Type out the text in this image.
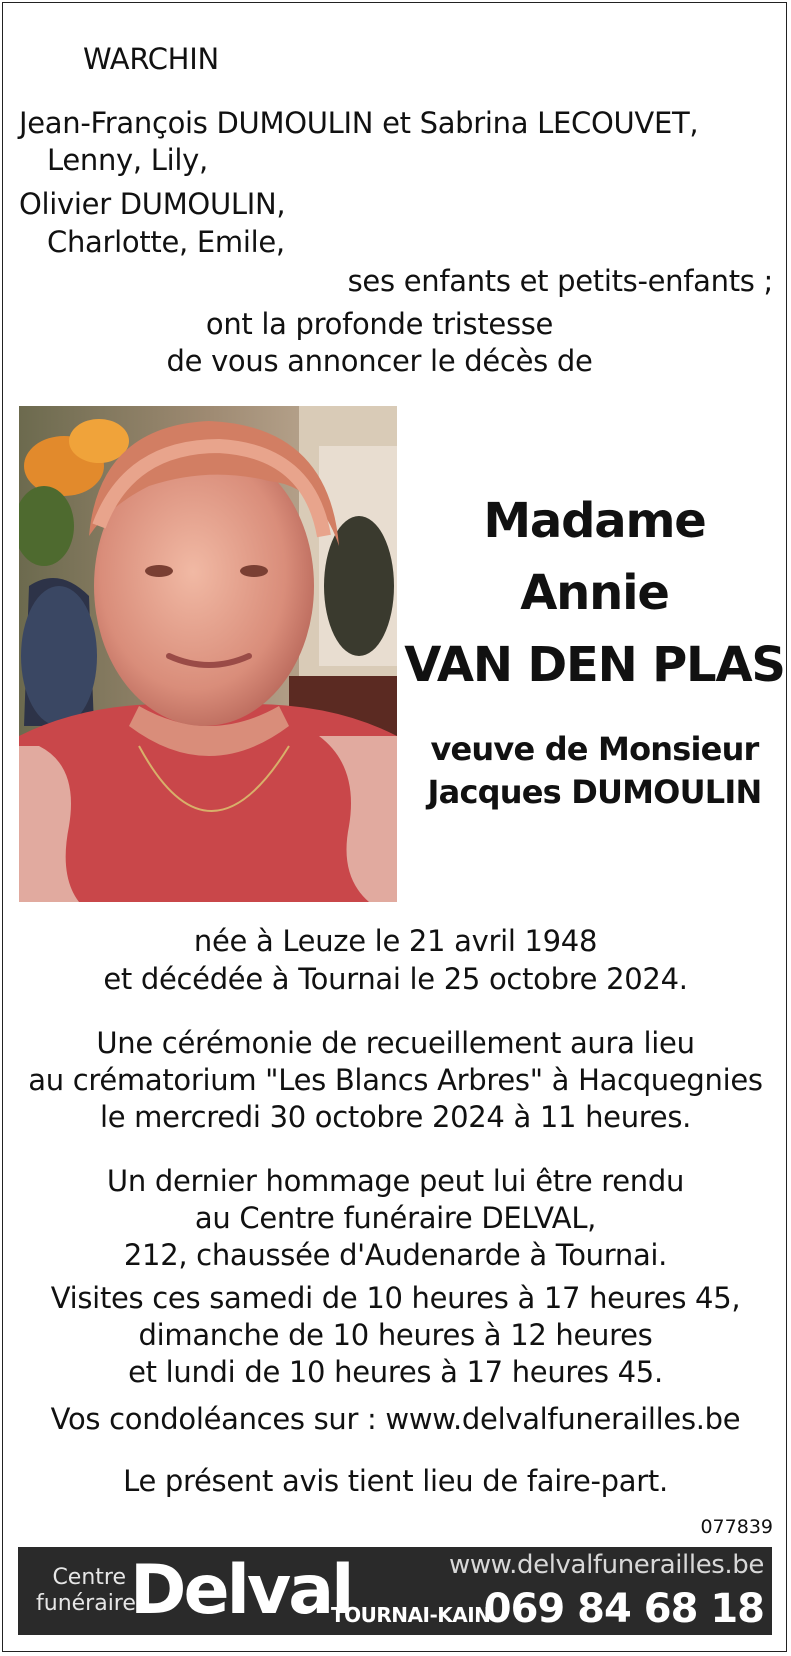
WARCHIN
Jean-François DUMOULIN et Sabrina LECOUVET,
Lenny, Lily,
Olivier DUMOULIN,
Charlotte, Emile,
ses enfants et petits-enfants ;
ont la profonde tristesse
de vous annoncer le décès de
Madame
Annie
VAN DEN PLAS
veuve de Monsieur
Jacques DUMOULIN
née à Leuze le 21 avril 1948
et décédée à Tournai le 25 octobre 2024.
Une cérémonie de recueillement aura lieu
au crématorium "Les Blancs Arbres" à Hacquegnies
le mercredi 30 octobre 2024 à 11 heures.
Un dernier hommage peut lui être rendu
au Centre funéraire DELVAL,
212, chaussée d'Audenarde à Tournai.
Visites ces samedi de 10 heures à 17 heures 45,
dimanche de 10 heures à 12 heures
et lundi de 10 heures à 17 heures 45.
Vos condoléances sur : www.delvalfunerailles.be
Le présent avis tient lieu de faire-part.
077839
Centre
funéraire
Delval
TOURNAI-KAIN
www.delvalfunerailles.be
069 84 68 18
